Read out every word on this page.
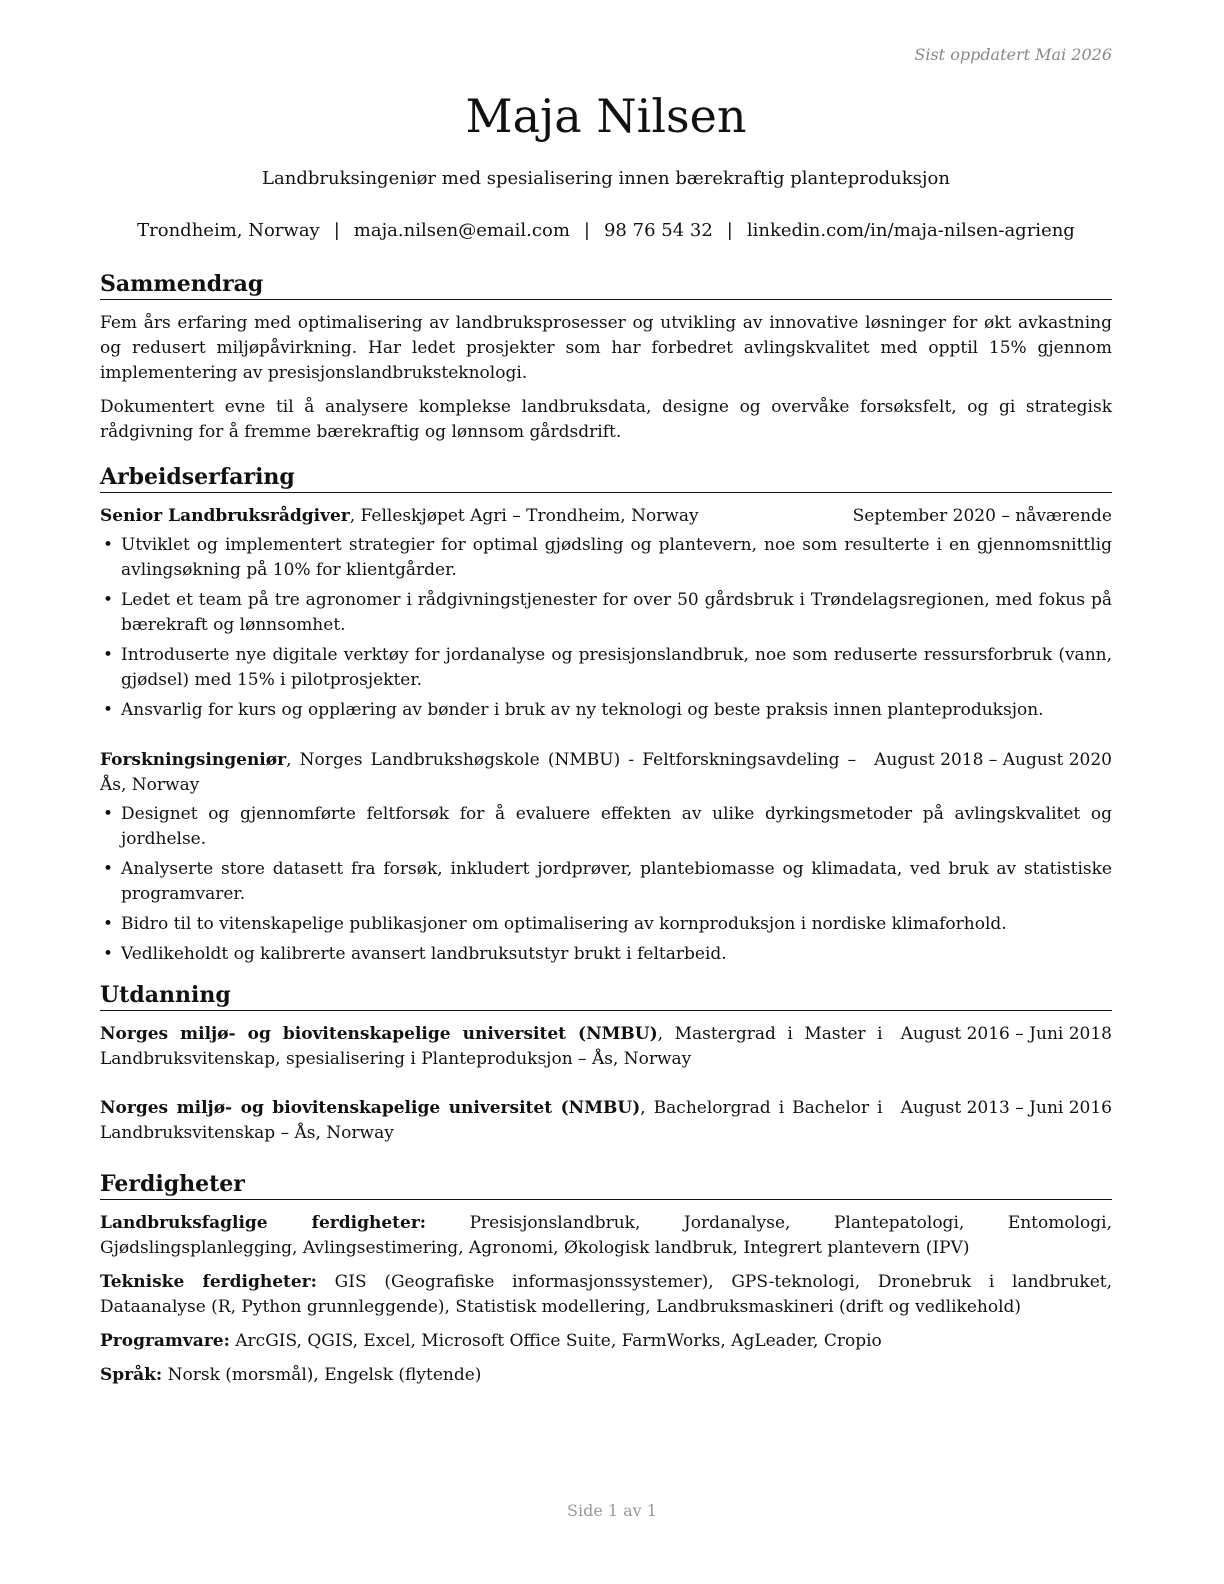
Sist oppdatert Mai 2026
Maja Nilsen
Landbruksingeniør med spesialisering innen bærekraftig planteproduksjon
Trondheim, Norway | maja.nilsen@email.com | 98 76 54 32 | linkedin.com/in/maja-nilsen-agrieng
Sammendrag

Fem års erfaring med optimalisering av landbruksprosesser og utvikling av innovative løsninger for økt avkastning og redusert miljøpåvirkning. Har ledet prosjekter som har forbedret avlingskvalitet med opptil 15% gjennom implementering av presisjonslandbruksteknologi.

Dokumentert evne til å analysere komplekse landbruksdata, designe og overvåke forsøksfelt, og gi strategisk rådgivning for å fremme bærekraftig og lønnsom gårdsdrift.

Arbeidserfaring
Senior Landbruksrådgiver, Felleskjøpet Agri – Trondheim, Norway	September 2020 – nåværende
• Utviklet og implementert strategier for optimal gjødsling og plantevern, noe som resulterte i en gjennomsnittlig avlingsøkning på 10% for klientgårder.
• Ledet et team på tre agronomer i rådgivningstjenester for over 50 gårdsbruk i Trøndelagsregionen, med fokus på bærekraft og lønnsomhet.
• Introduserte nye digitale verktøy for jordanalyse og presisjonslandbruk, noe som reduserte ressursforbruk (vann, gjødsel) med 15% i pilotprosjekter.
• Ansvarlig for kurs og opplæring av bønder i bruk av ny teknologi og beste praksis innen planteproduksjon.
Forskningsingeniør, Norges Landbrukshøgskole (NMBU) - Feltforskningsavdeling – Ås, Norway
August 2018 – August 2020
• Designet og gjennomførte feltforsøk for å evaluere effekten av ulike dyrkingsmetoder på avlingskvalitet og jordhelse.
• Analyserte store datasett fra forsøk, inkludert jordprøver, plantebiomasse og klimadata, ved bruk av statistiske programvarer.
• Bidro til to vitenskapelige publikasjoner om optimalisering av kornproduksjon i nordiske klimaforhold.
• Vedlikeholdt og kalibrerte avansert landbruksutstyr brukt i feltarbeid.
Utdanning
Norges miljø- og biovitenskapelige universitet (NMBU), Mastergrad i Master i Landbruksvitenskap, spesialisering i Planteproduksjon – Ås, Norway
August 2016 – Juni 2018
Norges miljø- og biovitenskapelige universitet (NMBU), Bachelorgrad i Bachelor i Landbruksvitenskap – Ås, Norway
August 2013 – Juni 2016
Ferdigheter

Landbruksfaglige ferdigheter: Presisjonslandbruk, Jordanalyse, Plantepatologi, Entomologi, Gjødslingsplanlegging, Avlingsestimering, Agronomi, Økologisk landbruk, Integrert plantevern (IPV)

Tekniske ferdigheter: GIS (Geografiske informasjonssystemer), GPS-teknologi, Dronebruk i landbruket, Dataanalyse (R, Python grunnleggende), Statistisk modellering, Landbruksmaskineri (drift og vedlikehold)

Programvare: ArcGIS, QGIS, Excel, Microsoft Office Suite, FarmWorks, AgLeader, Cropio

Språk: Norsk (morsmål), Engelsk (flytende)

Side 1 av 1
